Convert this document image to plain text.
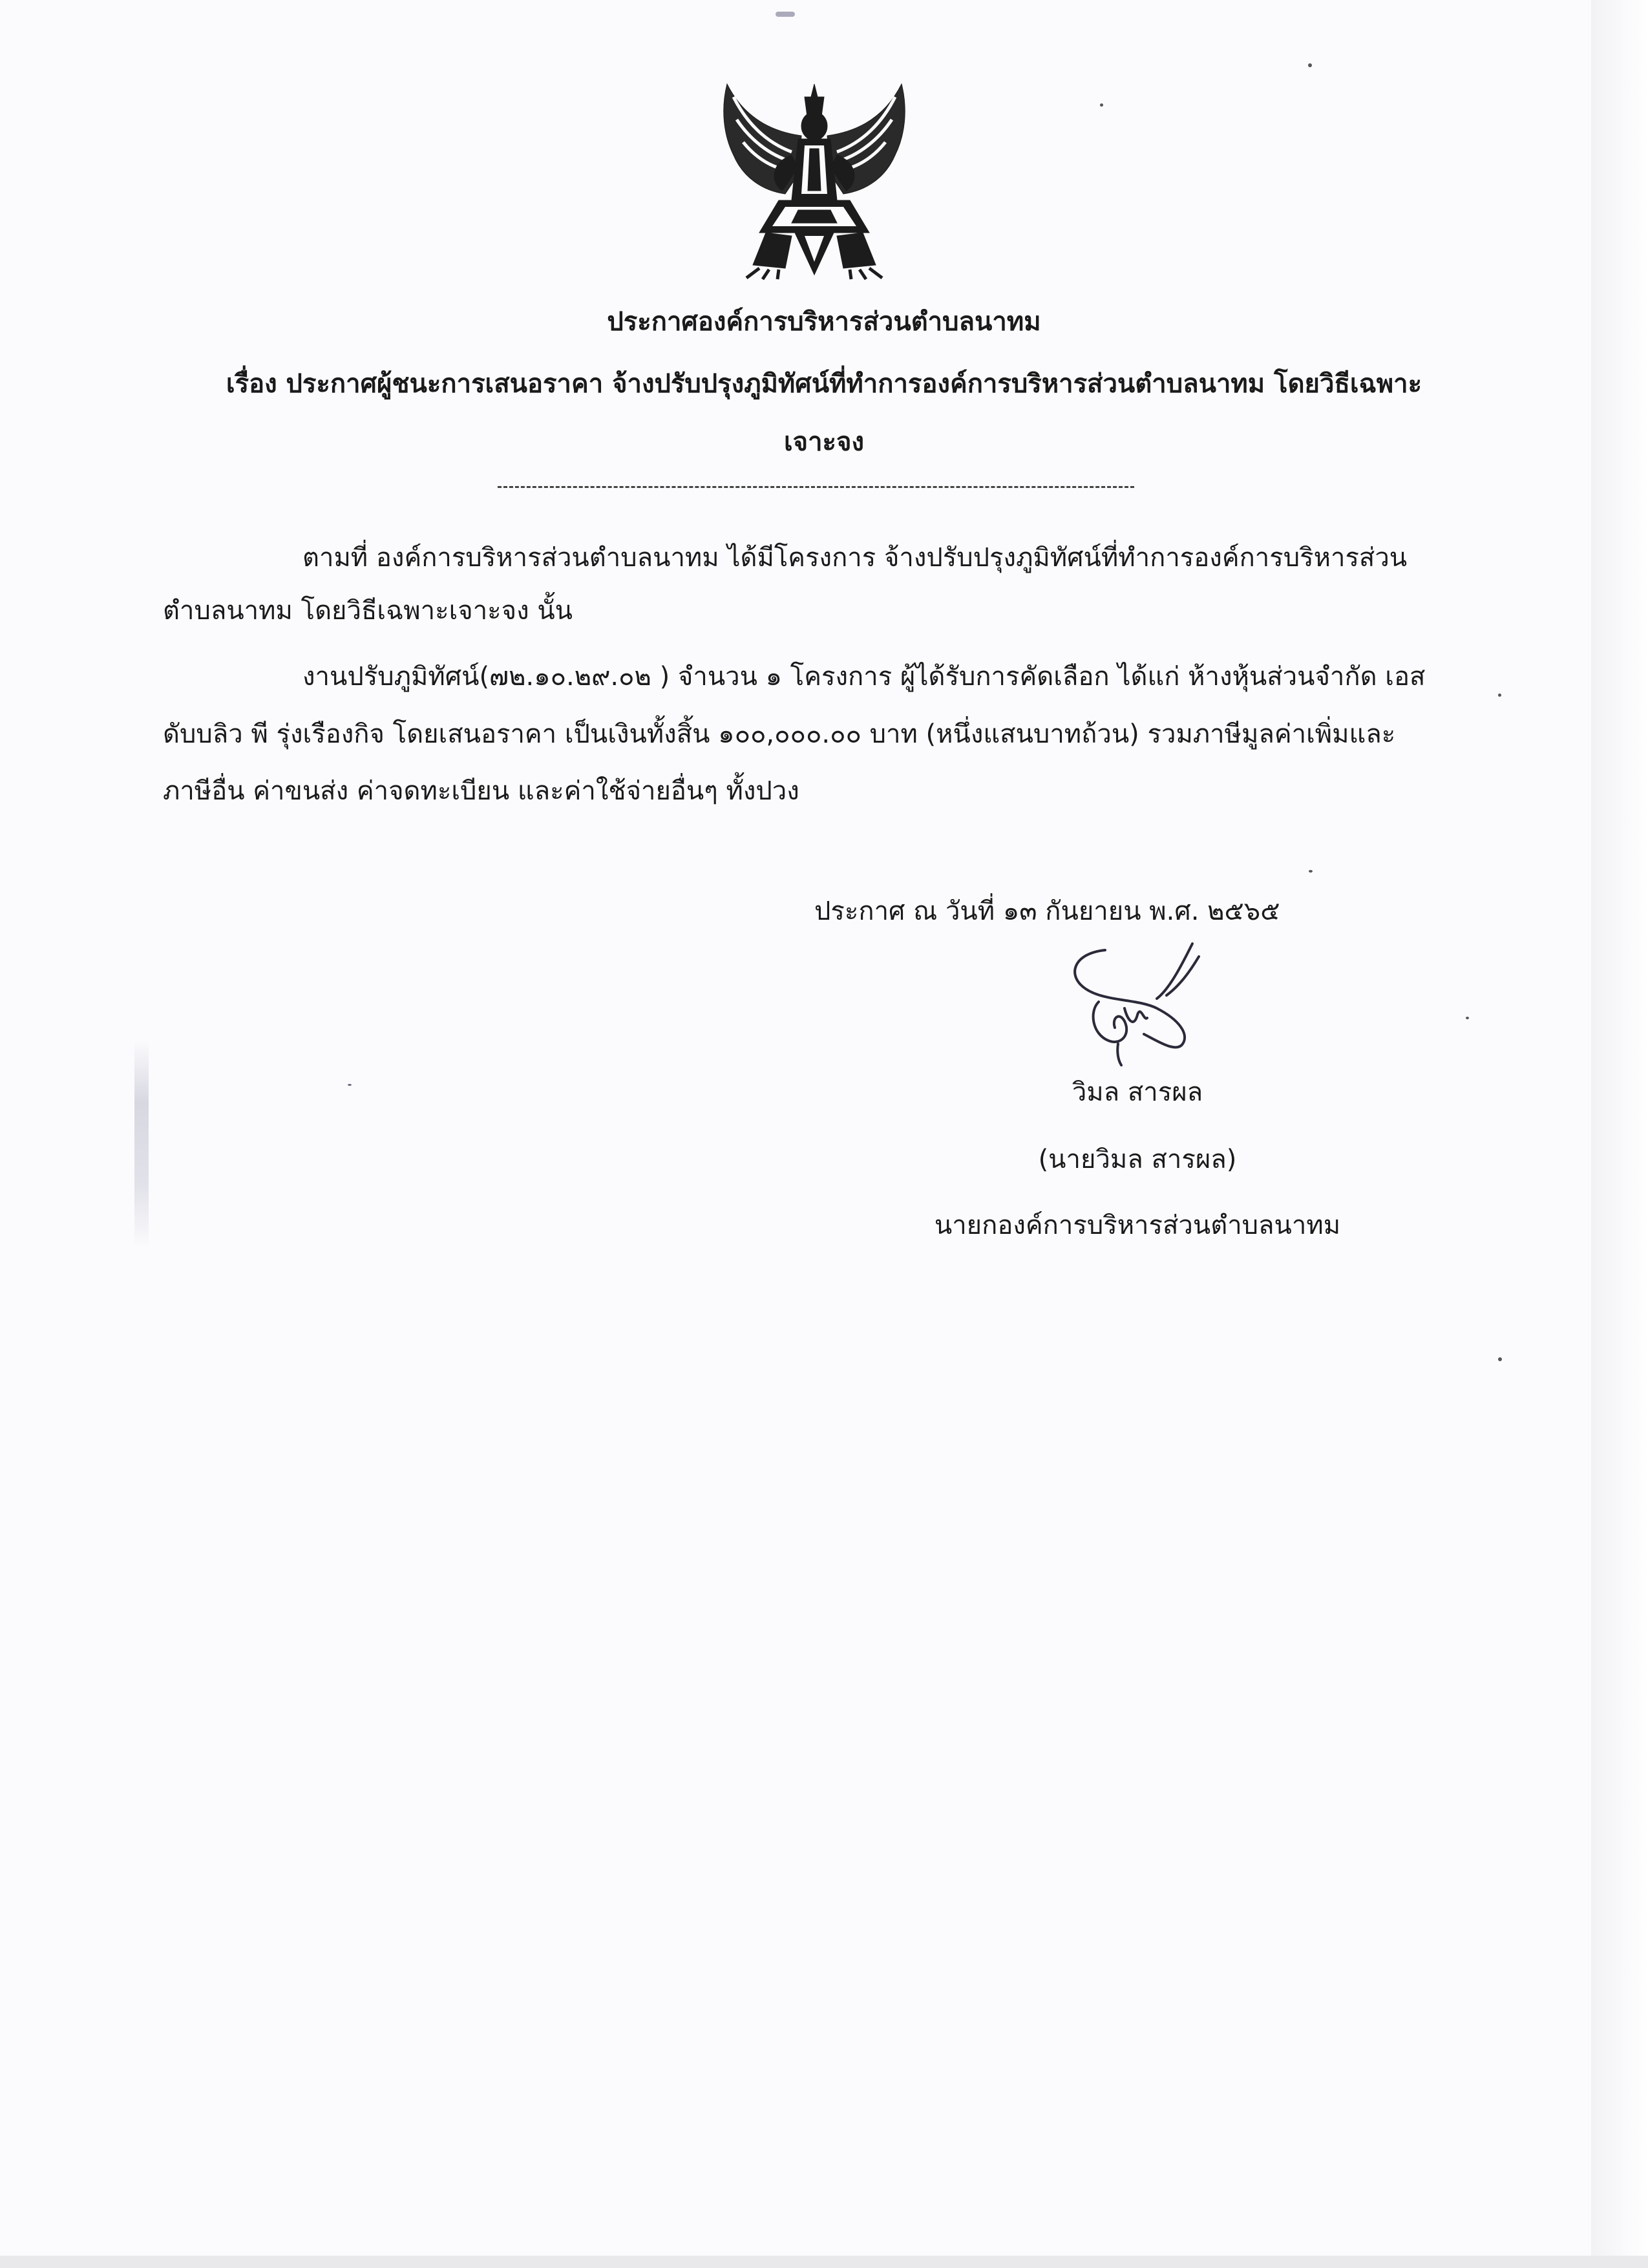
ประกาศองค์การบริหารส่วนตำบลนาทม
เรื่อง ประกาศผู้ชนะการเสนอราคา จ้างปรับปรุงภูมิทัศน์ที่ทำการองค์การบริหารส่วนตำบลนาทม โดยวิธีเฉพาะ
เจาะจง
ตามที่ องค์การบริหารส่วนตำบลนาทม ได้มีโครงการ จ้างปรับปรุงภูมิทัศน์ที่ทำการองค์การบริหารส่วน
ตำบลนาทม โดยวิธีเฉพาะเจาะจง นั้น
งานปรับภูมิทัศน์(๗๒.๑๐.๒๙.๐๒ ) จำนวน ๑ โครงการ ผู้ได้รับการคัดเลือก ได้แก่ ห้างหุ้นส่วนจำกัด เอส
ดับบลิว พี รุ่งเรืองกิจ โดยเสนอราคา เป็นเงินทั้งสิ้น ๑๐๐,๐๐๐.๐๐ บาท (หนึ่งแสนบาทถ้วน) รวมภาษีมูลค่าเพิ่มและ
ภาษีอื่น ค่าขนส่ง ค่าจดทะเบียน และค่าใช้จ่ายอื่นๆ ทั้งปวง
ประกาศ ณ วันที่ ๑๓ กันยายน พ.ศ. ๒๕๖๕
วิมล สารผล
(นายวิมล สารผล)
นายกองค์การบริหารส่วนตำบลนาทม
